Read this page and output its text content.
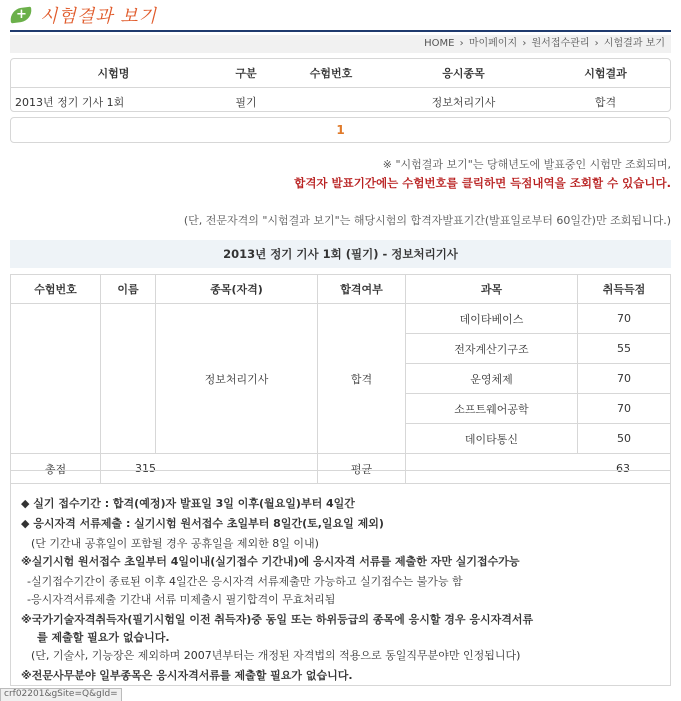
+ 시험결과 보기
HOME › 마이페이지 › 원서접수관리 › 시험결과 보기
시험명	구분	수험번호	응시종목	시험결과
2013년 정기 기사 1회	필기		정보처리기사	합격
1
※ "시험결과 보기"는 당해년도에 발표중인 시험만 조회되며,
합격자 발표기간에는 수험번호를 클릭하면 득점내역을 조회할 수 있습니다.
(단, 전문자격의 "시험결과 보기"는 해당시험의 합격자발표기간(발표일로부터 60일간)만 조회됩니다.)
2013년 정기 기사 1회 (필기) - 정보처리기사
수험번호	이름	종목(자격)	합격여부	과목	취득득점
		정보처리기사	합격	데이타베이스	70
				전자계산기구조	55
				운영체제	70
				소프트웨어공학	70
				데이타통신	50
총점	315		평균	63	

◆ 실기 접수기간 : 합격(예정)자 발표일 3일 이후(월요일)부터 4일간

◆ 응시자격 서류제출 : 실기시험 원서접수 초일부터 8일간(토,일요일 제외)

(단 기간내 공휴일이 포함될 경우 공휴일을 제외한 8일 이내)

※실기시험 원서접수 초일부터 4일이내(실기접수 기간내)에 응시자격 서류를 제출한 자만 실기접수가능

-실기접수기간이 종료된 이후 4일간은 응시자격 서류제출만 가능하고 실기접수는 불가능 함

-응시자격서류제출 기간내 서류 미제출시 필기합격이 무효처리됨

※국가기술자격취득자(필기시험일 이전 취득자)중 동일 또는 하위등급의 종목에 응시할 경우 응시자격서류

를 제출할 필요가 없습니다.

(단, 기술사, 기능장은 제외하며 2007년부터는 개정된 자격법의 적용으로 동일직무분야만 인정됩니다)

※전문사무분야 일부종목은 응시자격서류를 제출할 필요가 없습니다.

crf02201&gSite=Q&gId=
